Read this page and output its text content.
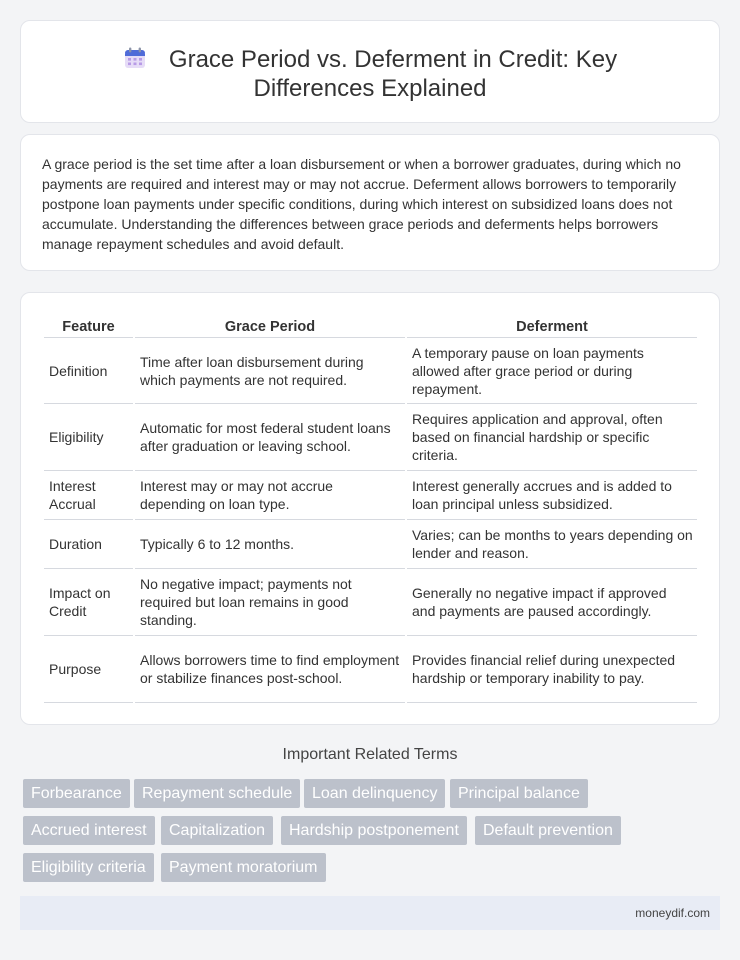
Grace Period vs. Deferment in Credit: Key Differences Explained

A grace period is the set time after a loan disbursement or when a borrower graduates, during which no payments are required and interest may or may not accrue. Deferment allows borrowers to temporarily postpone loan payments under specific conditions, during which interest on subsidized loans does not accumulate. Understanding the differences between grace periods and deferments helps borrowers manage repayment schedules and avoid default.

Feature	Grace Period	Deferment
Definition	Time after loan disbursement during which payments are not required.	A temporary pause on loan payments allowed after grace period or during repayment.
Eligibility	Automatic for most federal student loans after graduation or leaving school.	Requires application and approval, often based on financial hardship or specific criteria.
Interest Accrual	Interest may or may not accrue depending on loan type.	Interest generally accrues and is added to loan principal unless subsidized.
Duration	Typically 6 to 12 months.	Varies; can be months to years depending on lender and reason.
Impact on Credit	No negative impact; payments not required but loan remains in good standing.	Generally no negative impact if approved and payments are paused accordingly.
Purpose	Allows borrowers time to find employment or stabilize finances post-school.	Provides financial relief during unexpected hardship or temporary inability to pay.
Important Related Terms
Forbearance	Repayment schedule	Loan delinquency	Principal balance
Accrued interest	Capitalization	Hardship postponement	Default prevention
Eligibility criteria	Payment moratorium
moneydif.com
